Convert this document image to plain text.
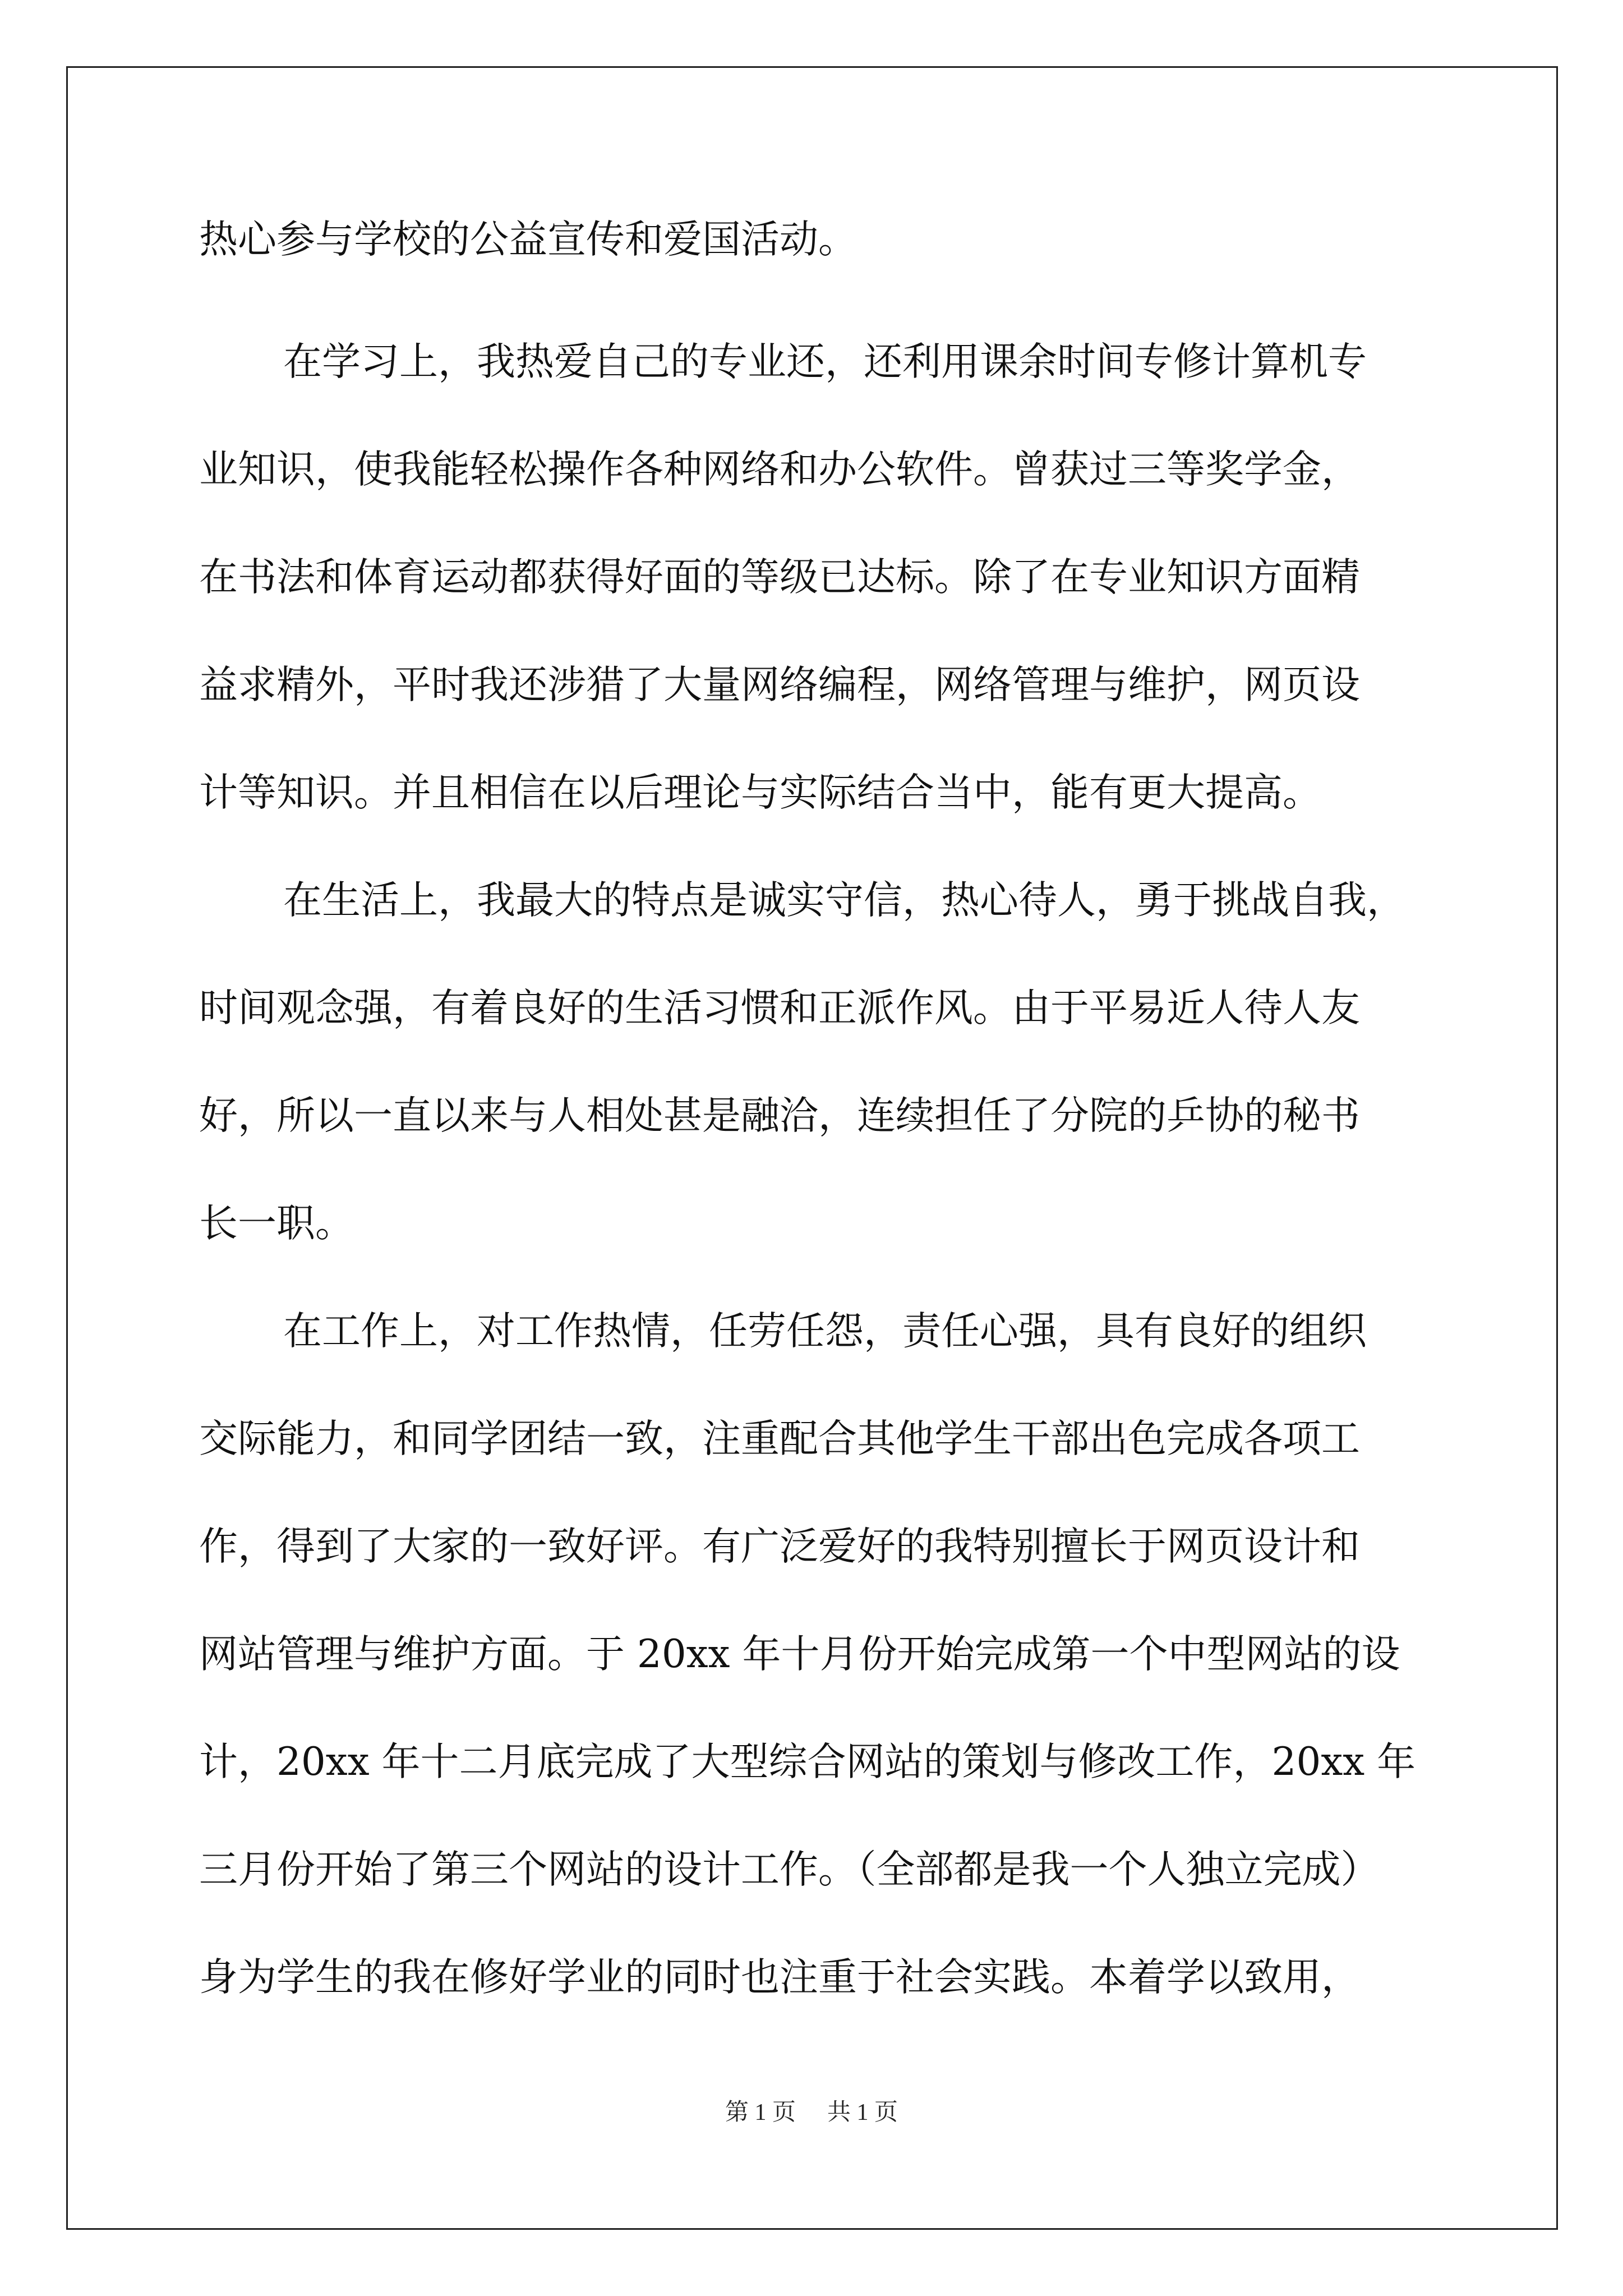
热心参与学校的公益宣传和爱国活动。
在学习上，我热爱自己的专业还，还利用课余时间专修计算机专
业知识，使我能轻松操作各种网络和办公软件。曾获过三等奖学金，
在书法和体育运动都获得好面的等级已达标。除了在专业知识方面精
益求精外，平时我还涉猎了大量网络编程，网络管理与维护，网页设
计等知识。并且相信在以后理论与实际结合当中，能有更大提高。
在生活上，我最大的特点是诚实守信，热心待人，勇于挑战自我，
时间观念强，有着良好的生活习惯和正派作风。由于平易近人待人友
好，所以一直以来与人相处甚是融洽，连续担任了分院的乒协的秘书
长一职。
在工作上，对工作热情，任劳任怨，责任心强，具有良好的组织
交际能力，和同学团结一致，注重配合其他学生干部出色完成各项工
作，得到了大家的一致好评。有广泛爱好的我特别擅长于网页设计和
网站管理与维护方面。于 20xx 年十月份开始完成第一个中型网站的设
计，20xx 年十二月底完成了大型综合网站的策划与修改工作，20xx 年
三月份开始了第三个网站的设计工作。（全部都是我一个人独立完成）
身为学生的我在修好学业的同时也注重于社会实践。本着学以致用，
第 1 页 共 1 页
